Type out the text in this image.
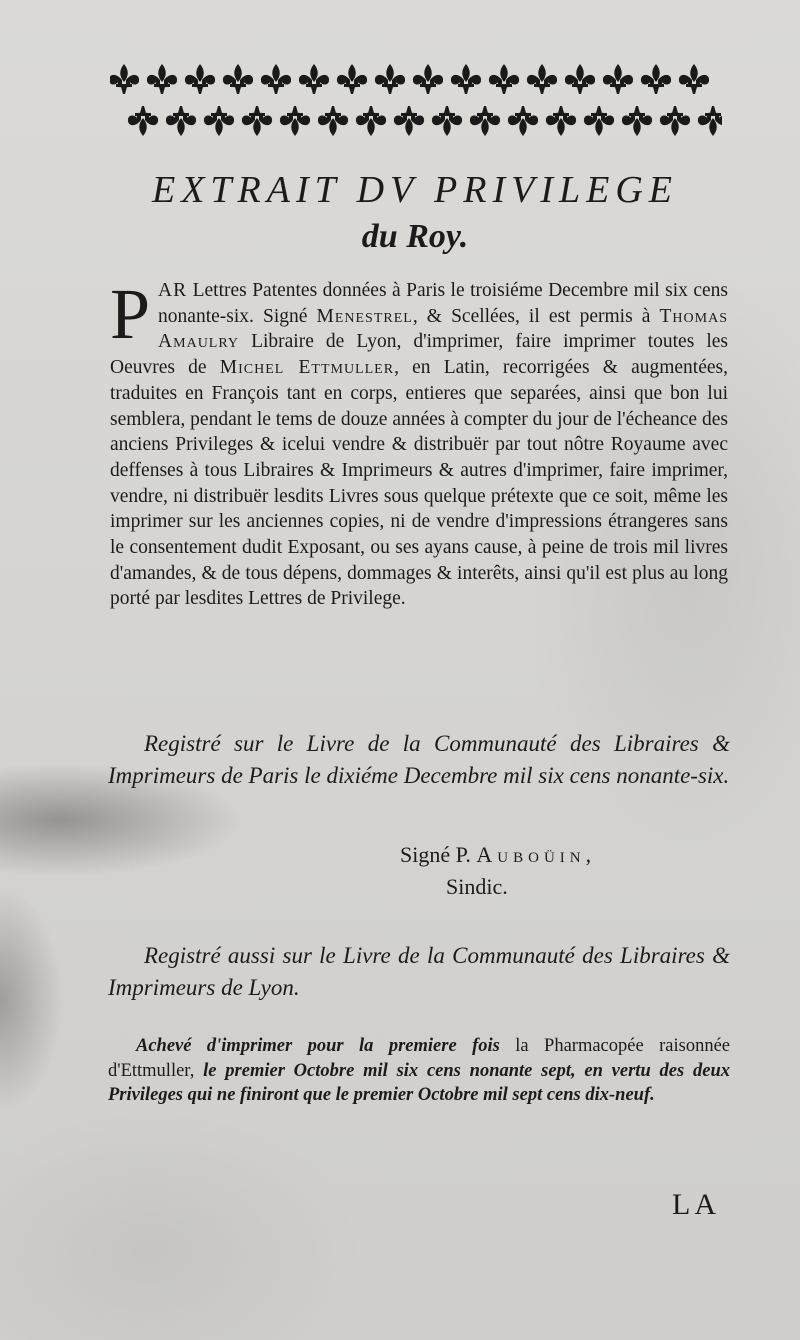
EXTRAIT DV PRIVILEGE
du Roy.

PAR Lettres Patentes données à Paris le troisiéme Decembre mil six cens nonante-six. Signé Menestrel, & Scellées, il est permis à Thomas Amaulry Libraire de Lyon, d'imprimer, faire imprimer toutes les Oeuvres de Michel Ettmuller, en Latin, recorrigées & augmentées, traduites en François tant en corps, entieres que separées, ainsi que bon lui semblera, pendant le tems de douze années à compter du jour de l'écheance des anciens Privileges & icelui vendre & distribuër par tout nôtre Royaume avec deffenses à tous Libraires & Imprimeurs & autres d'imprimer, faire imprimer, vendre, ni distribuër lesdits Livres sous quelque prétexte que ce soit, même les imprimer sur les anciennes copies, ni de vendre d'impressions étrangeres sans le consentement dudit Exposant, ou ses ayans cause, à peine de trois mil livres d'amandes, & de tous dépens, dommages & interêts, ainsi qu'il est plus au long porté par lesdites Lettres de Privilege.

Registré sur le Livre de la Communauté des Libraires & Imprimeurs de Paris le dixiéme Decembre mil six cens nonante-six.

Signé P. Auboüin,

Sindic.

Registré aussi sur le Livre de la Communauté des Libraires & Imprimeurs de Lyon.

Achevé d'imprimer pour la premiere fois la Pharmacopée raisonnée d'Ettmuller, le premier Octobre mil six cens nonante sept, en vertu des deux Privileges qui ne finiront que le premier Octobre mil sept cens dix-neuf.

LA
